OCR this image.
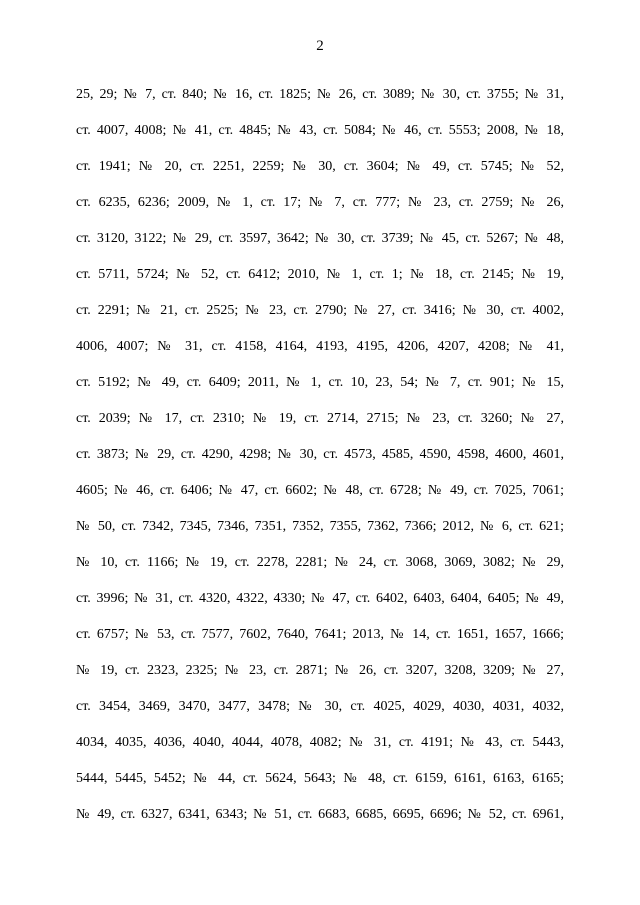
2
25, 29; № 7, ст. 840; № 16, ст. 1825; № 26, ст. 3089; № 30, ст. 3755; № 31,
ст. 4007, 4008; № 41, ст. 4845; № 43, ст. 5084; № 46, ст. 5553; 2008, № 18,
ст. 1941; № 20, ст. 2251, 2259; № 30, ст. 3604; № 49, ст. 5745; № 52,
ст. 6235, 6236; 2009, № 1, ст. 17; № 7, ст. 777; № 23, ст. 2759; № 26,
ст. 3120, 3122; № 29, ст. 3597, 3642; № 30, ст. 3739; № 45, ст. 5267; № 48,
ст. 5711, 5724; № 52, ст. 6412; 2010, № 1, ст. 1; № 18, ст. 2145; № 19,
ст. 2291; № 21, ст. 2525; № 23, ст. 2790; № 27, ст. 3416; № 30, ст. 4002,
4006, 4007; № 31, ст. 4158, 4164, 4193, 4195, 4206, 4207, 4208; № 41,
ст. 5192; № 49, ст. 6409; 2011, № 1, ст. 10, 23, 54; № 7, ст. 901; № 15,
ст. 2039; № 17, ст. 2310; № 19, ст. 2714, 2715; № 23, ст. 3260; № 27,
ст. 3873; № 29, ст. 4290, 4298; № 30, ст. 4573, 4585, 4590, 4598, 4600, 4601,
4605; № 46, ст. 6406; № 47, ст. 6602; № 48, ст. 6728; № 49, ст. 7025, 7061;
№ 50, ст. 7342, 7345, 7346, 7351, 7352, 7355, 7362, 7366; 2012, № 6, ст. 621;
№ 10, ст. 1166; № 19, ст. 2278, 2281; № 24, ст. 3068, 3069, 3082; № 29,
ст. 3996; № 31, ст. 4320, 4322, 4330; № 47, ст. 6402, 6403, 6404, 6405; № 49,
ст. 6757; № 53, ст. 7577, 7602, 7640, 7641; 2013, № 14, ст. 1651, 1657, 1666;
№ 19, ст. 2323, 2325; № 23, ст. 2871; № 26, ст. 3207, 3208, 3209; № 27,
ст. 3454, 3469, 3470, 3477, 3478; № 30, ст. 4025, 4029, 4030, 4031, 4032,
4034, 4035, 4036, 4040, 4044, 4078, 4082; № 31, ст. 4191; № 43, ст. 5443,
5444, 5445, 5452; № 44, ст. 5624, 5643; № 48, ст. 6159, 6161, 6163, 6165;
№ 49, ст. 6327, 6341, 6343; № 51, ст. 6683, 6685, 6695, 6696; № 52, ст. 6961,
